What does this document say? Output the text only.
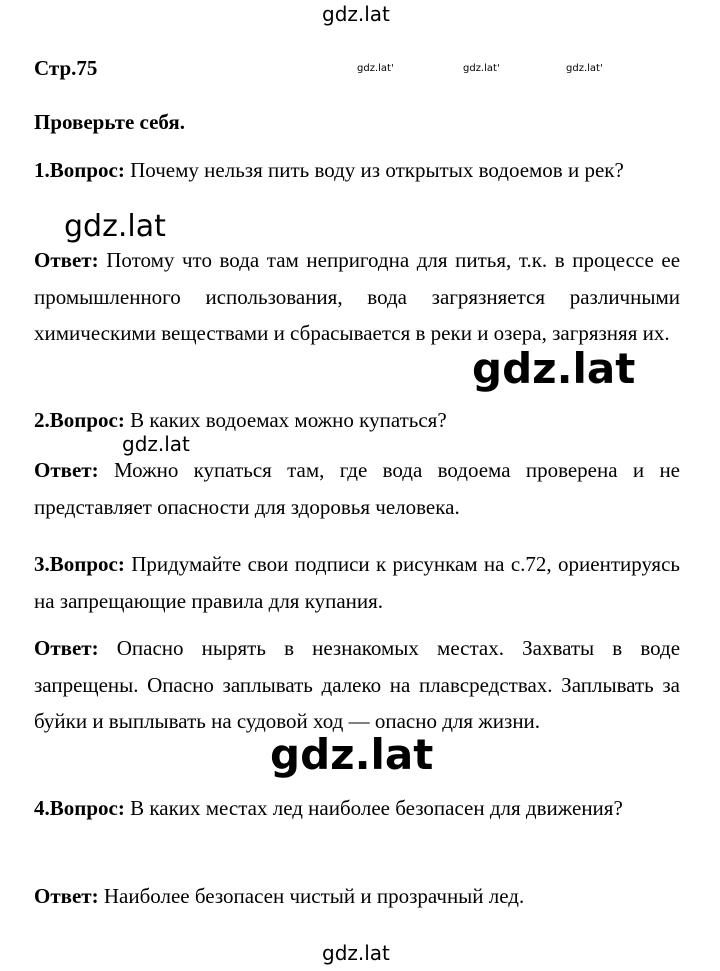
gdz.lat
gdz.lat'	gdz.lat'	gdz.lat'
Стр.75
Проверьте себя.
1.Вопрос: Почему нельзя пить воду из открытых водоемов и рек?
gdz.lat
Ответ: Потому что вода там непригодна для питья, т.к. в процессе ее промышленного использования, вода загрязняется различными химическими веществами и сбрасывается в реки и озера, загрязняя их.
gdz.lat
2.Вопрос: В каких водоемах можно купаться?
gdz.lat
Ответ: Можно купаться там, где вода водоема проверена и не представляет опасности для здоровья человека.
3.Вопрос: Придумайте свои подписи к рисункам на с.72, ориентируясь на запрещающие правила для купания.
Ответ: Опасно нырять в незнакомых местах. Захваты в воде запрещены. Опасно заплывать далеко на плавсредствах. Заплывать за буйки и выплывать на судовой ход — опасно для жизни.
gdz.lat
4.Вопрос: В каких местах лед наиболее безопасен для движения?
Ответ: Наиболее безопасен чистый и прозрачный лед.
gdz.lat
